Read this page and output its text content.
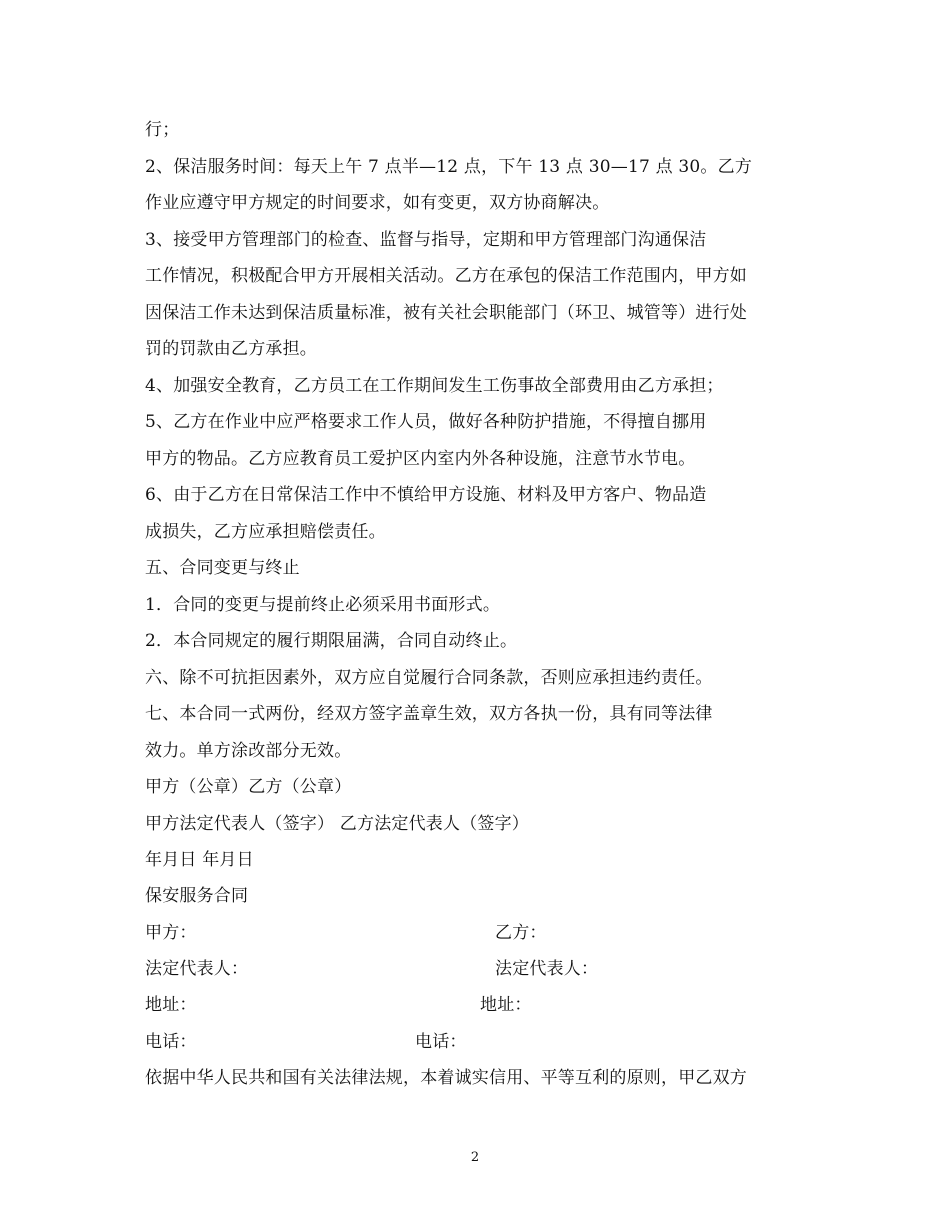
行；
2、保洁服务时间：每天上午 7 点半—12 点，下午 13 点 30—17 点 30。乙方
作业应遵守甲方规定的时间要求，如有变更，双方协商解决。
3、接受甲方管理部门的检查、监督与指导，定期和甲方管理部门沟通保洁
工作情况，积极配合甲方开展相关活动。乙方在承包的保洁工作范围内，甲方如
因保洁工作未达到保洁质量标准，被有关社会职能部门（环卫、城管等）进行处
罚的罚款由乙方承担。
4、加强安全教育，乙方员工在工作期间发生工伤事故全部费用由乙方承担；
5、乙方在作业中应严格要求工作人员，做好各种防护措施，不得擅自挪用
甲方的物品。乙方应教育员工爱护区内室内外各种设施，注意节水节电。
6、由于乙方在日常保洁工作中不慎给甲方设施、材料及甲方客户、物品造
成损失，乙方应承担赔偿责任。
五、合同变更与终止
1．合同的变更与提前终止必须采用书面形式。
2．本合同规定的履行期限届满，合同自动终止。
六、除不可抗拒因素外，双方应自觉履行合同条款，否则应承担违约责任。
七、本合同一式两份，经双方签字盖章生效，双方各执一份，具有同等法律
效力。单方涂改部分无效。
甲方（公章）乙方（公章）
甲方法定代表人（签字） 乙方法定代表人（签字）
年月日 年月日
保安服务合同
甲方：	乙方：
法定代表人：	法定代表人：
地址：	地址：
电话：	电话：
依据中华人民共和国有关法律法规，本着诚实信用、平等互利的原则，甲乙双方
2
